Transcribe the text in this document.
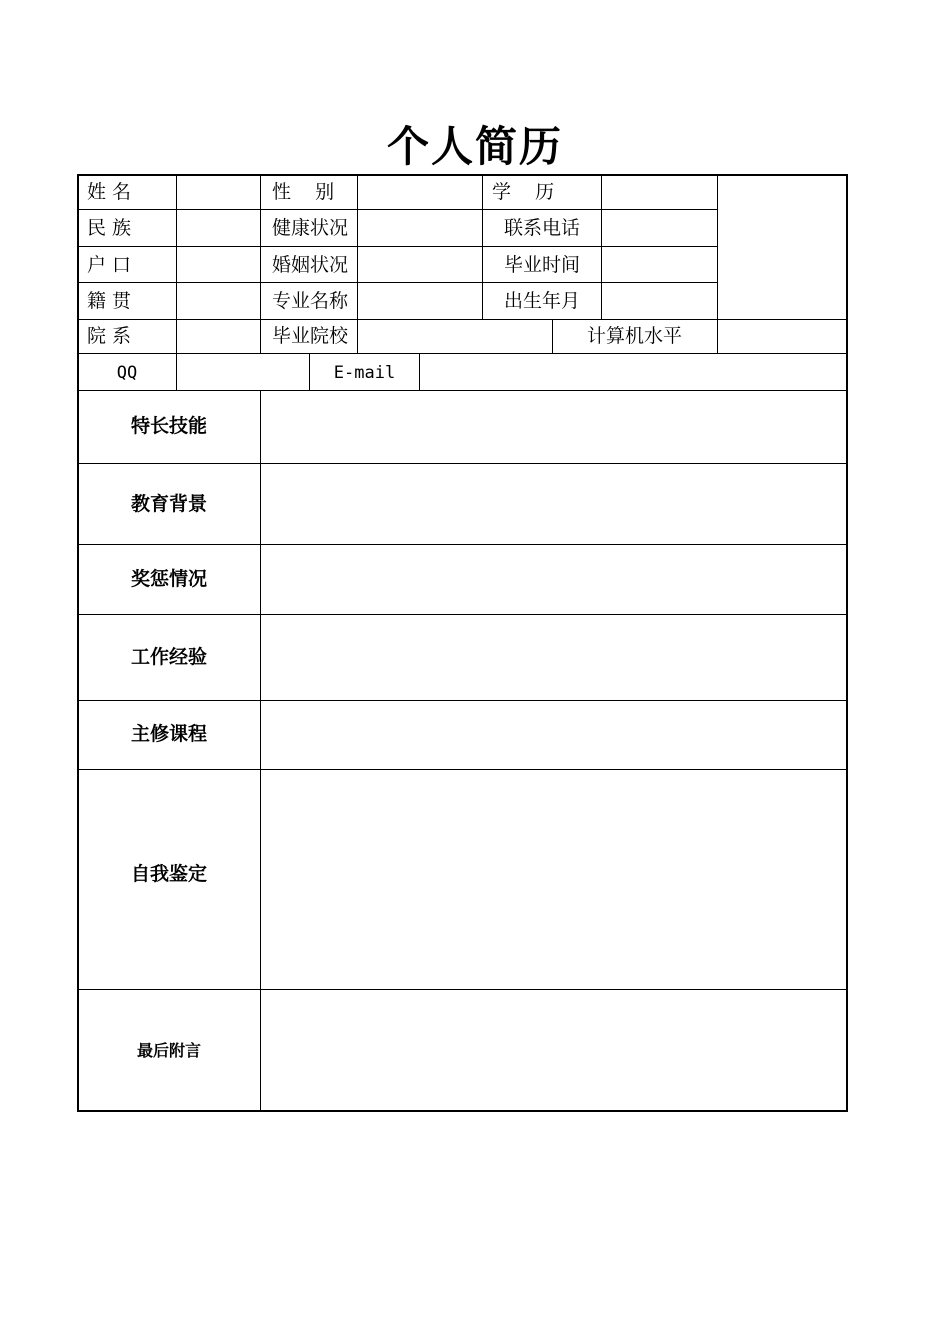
个人简历
姓 名	性    别	学    历
民 族	健康状况	联系电话
户 口	婚姻状况	毕业时间
籍 贯	专业名称	出生年月
院 系	毕业院校	计算机水平
QQ	E-mail
特长技能
教育背景
奖惩情况
工作经验
主修课程
自我鉴定
最后附言
